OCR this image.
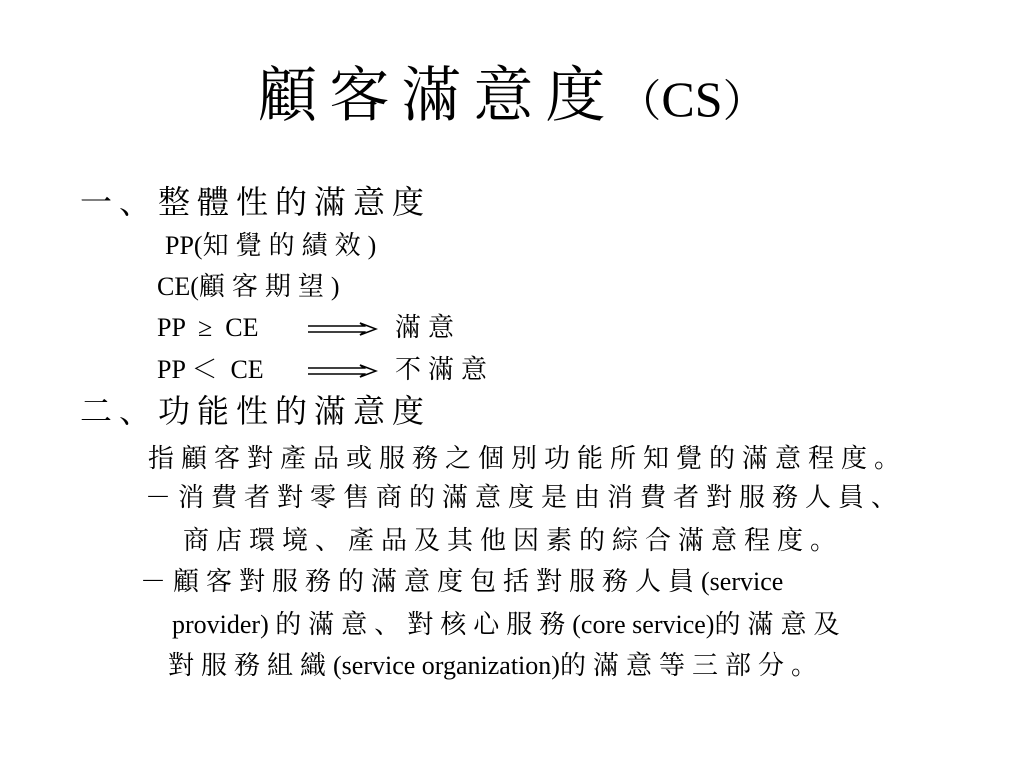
顧客滿意度（CS）
一、整體性的滿意度
PP(知覺的績效)
CE(顧客期望)
PP  ≥  CE	滿意
PP ＜  CE	不滿意
二、功能性的滿意度
指顧客對產品或服務之個別功能所知覺的滿意程度。
－消費者對零售商的滿意度是由消費者對服務人員、
商店環境、產品及其他因素的綜合滿意程度。
－顧客對服務的滿意度包括對服務人員(service
provider) 的滿意、對核心服務(core service)的滿意及
對服務組織(service organization)的滿意等三部分。
